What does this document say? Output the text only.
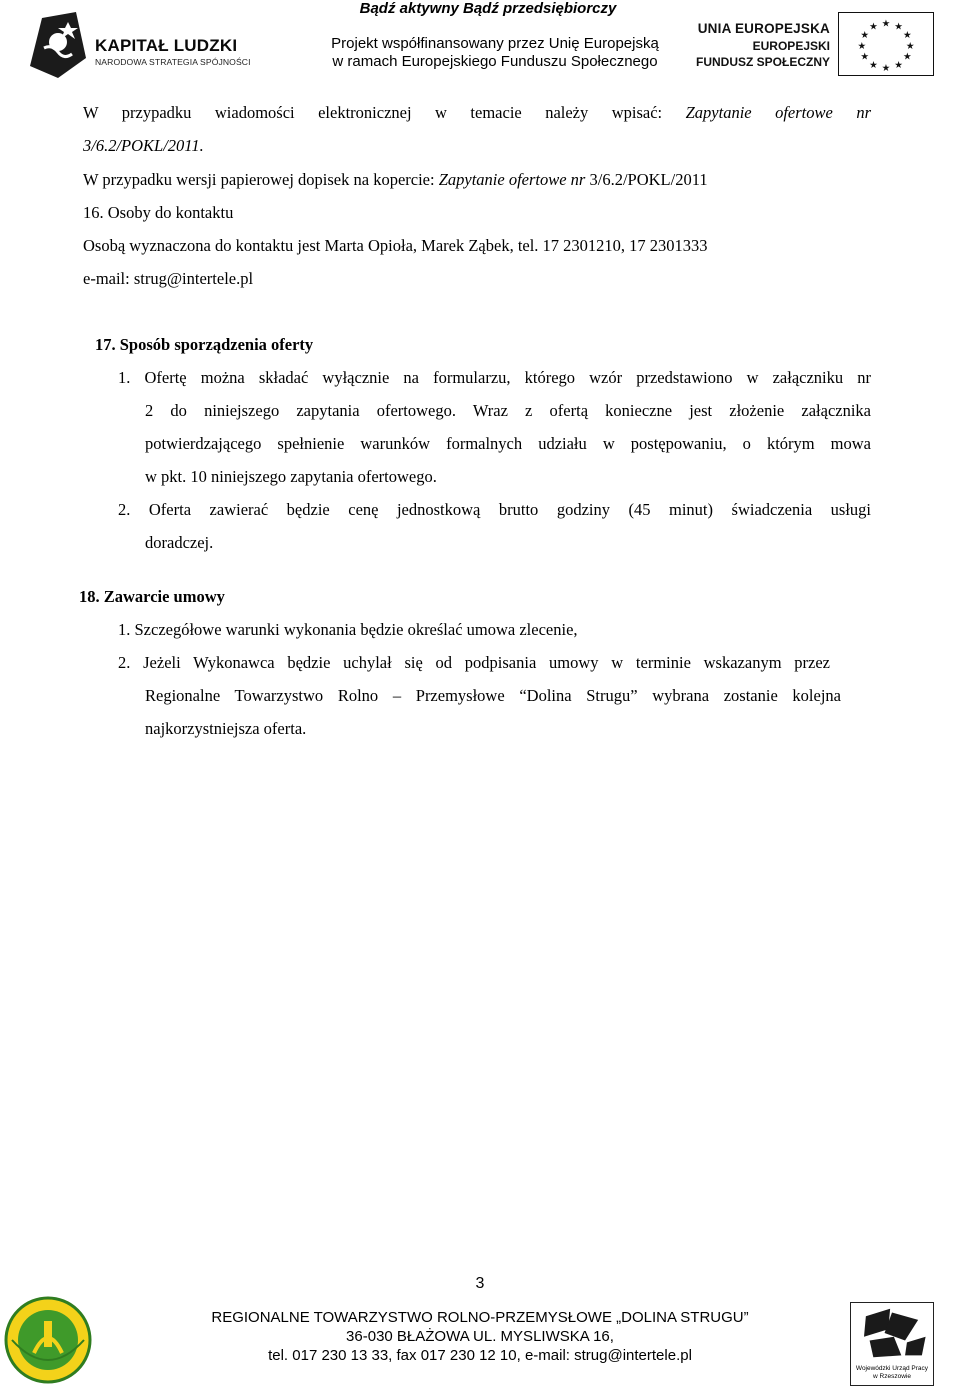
KAPITAŁ LUDZKI
NARODOWA STRATEGIA SPÓJNOŚCI
Bądź aktywny Bądź przedsiębiorczy
Projekt współfinansowany przez Unię Europejską
w ramach Europejskiego Funduszu Społecznego
UNIA EUROPEJSKA
EUROPEJSKI
FUNDUSZ SPOŁECZNY
★ ★
★
★
★
★
★
★
★
★
★
★
W przypadku wiadomości elektronicznej w temacie należy wpisać: Zapytanie ofertowe nr
3/6.2/POKL/2011.
W przypadku wersji papierowej dopisek na kopercie: Zapytanie ofertowe nr 3/6.2/POKL/2011
16. Osoby do kontaktu
Osobą wyznaczona do kontaktu jest Marta Opioła, Marek Ząbek, tel. 17 2301210, 17 2301333
e-mail: strug@intertele.pl
17. Sposób sporządzenia oferty
1. Ofertę można składać wyłącznie na formularzu, którego wzór przedstawiono w załączniku nr
2 do niniejszego zapytania ofertowego. Wraz z ofertą konieczne jest złożenie załącznika
potwierdzającego spełnienie warunków formalnych udziału w postępowaniu, o którym mowa
w pkt. 10 niniejszego zapytania ofertowego.
2. Oferta zawierać będzie cenę jednostkową brutto godziny (45 minut) świadczenia usługi
doradczej.
18. Zawarcie umowy
1. Szczegółowe warunki wykonania będzie określać umowa zlecenie,
2. Jeżeli Wykonawca będzie uchylał się od podpisania umowy w terminie wskazanym przez
Regionalne Towarzystwo Rolno – Przemysłowe “Dolina Strugu” wybrana zostanie kolejna
najkorzystniejsza oferta.
3
REGIONALNE TOWARZYSTWO ROLNO-PRZEMYSŁOWE „DOLINA STRUGU”
36-030 BŁAŻOWA UL. MYSLIWSKA 16,
tel. 017 230 13 33, fax 017 230 12 10, e-mail: strug@intertele.pl
Wojewódzki Urząd Pracy
w Rzeszowie
